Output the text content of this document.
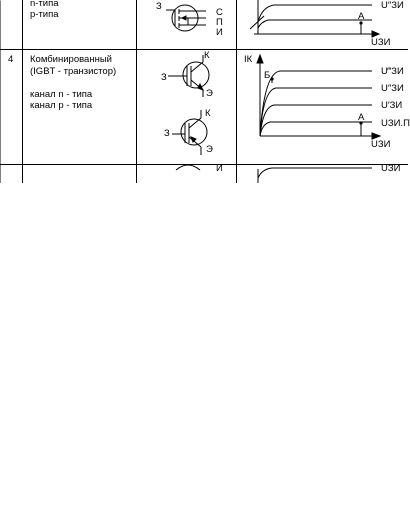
З
С
П
И
А
U″ЗИ
UЗИ
К
З
Э
К
З
Э
IК
Б
А
U‴ЗИ
U″ЗИ
U′ЗИ
UЗИ.П
UЗИ
И	UЗИ
n-типа
р-типа
4 Комбинированный
(IGBT - транзистор)
канал n - типа
канал р - типа
